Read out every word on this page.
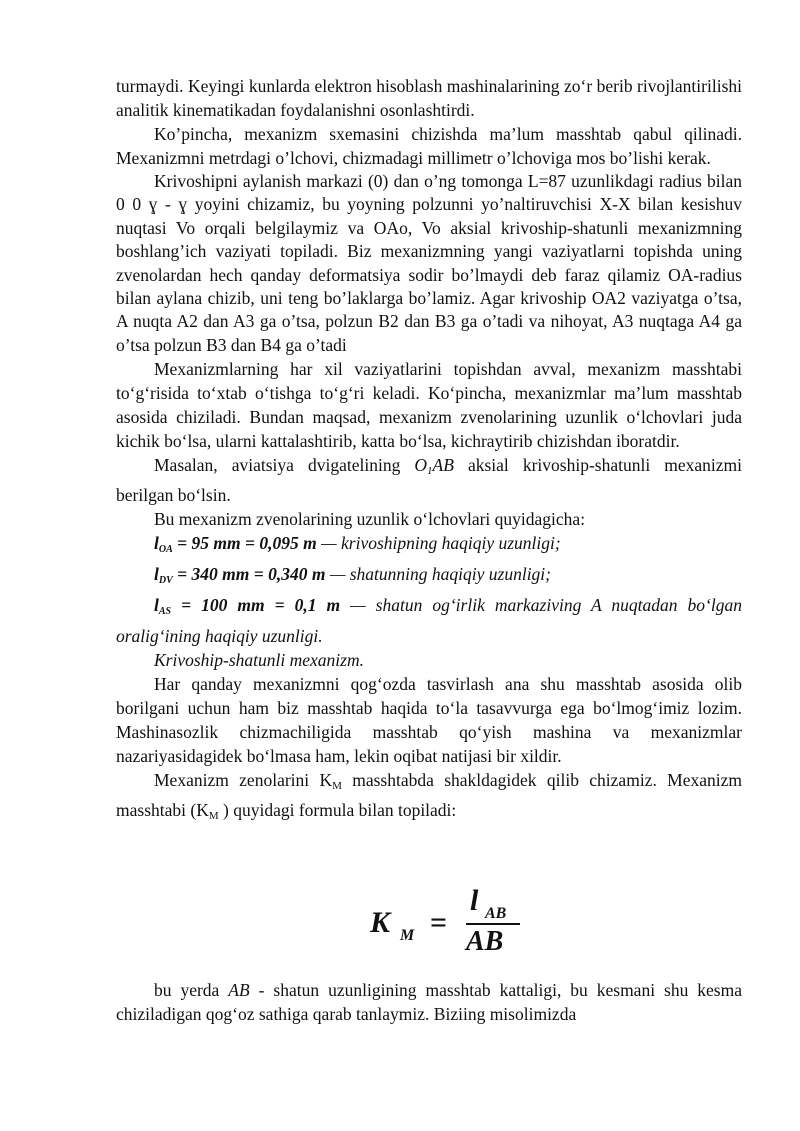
turmaydi. Keyingi kunlarda elektron hisoblash mashinalarining zo‘r berib rivojlantirilishi analitik kinematikadan foydalanishni osonlashtirdi.

Ko’pincha, mexanizm sxemasini chizishda ma’lum masshtab qabul qilinadi. Mexanizmni metrdagi o’lchovi, chizmadagi millimetr o’lchoviga mos bo’lishi kerak.

Krivoshipni aylanish markazi (0) dan o’ng tomonga L=87 uzunlikdagi radius bilan 0 0 ɣ - ɣ yoyini chizamiz, bu yoyning polzunni yo’naltiruvchisi X-X bilan kesishuv nuqtasi Vo orqali belgilaymiz va OAo, Vo aksial krivoship-shatunli mexanizmning boshlang’ich vaziyati topiladi. Biz mexanizmning yangi vaziyatlarni topishda uning zvenolardan hech qanday deformatsiya sodir bo’lmaydi deb faraz qilamiz OA-radius bilan aylana chizib, uni teng bo’laklarga bo’lamiz. Agar krivoship OA2 vaziyatga o’tsa, A nuqta A2 dan A3 ga o’tsa, polzun B2 dan B3 ga o’tadi va nihoyat, A3 nuqtaga A4 ga o’tsa polzun B3 dan B4 ga o’tadi

Mexanizmlarning har xil vaziyatlarini topishdan avval, mexanizm masshtabi to‘g‘risida to‘xtab o‘tishga to‘g‘ri keladi. Ko‘pincha, mexanizmlar ma’lum masshtab asosida chiziladi. Bundan maqsad, mexanizm zvenolarining uzunlik o‘lchovlari juda kichik bo‘lsa, ularni kattalashtirib, katta bo‘lsa, kichraytirib chizishdan iboratdir.

Masalan, aviatsiya dvigatelining $O_1AB$ aksial krivoship-shatunli mexanizmi berilgan bo‘lsin.

Bu mexanizm zvenolarining uzunlik o‘lchovlari quyidagicha:

lOA = 95 mm = 0,095 m — krivoshipning haqiqiy uzunligi;

lDV = 340 mm = 0,340 m — shatunning haqiqiy uzunligi;

lAS = 100 mm = 0,1 m — shatun og‘irlik markaziving A nuqtadan bo‘lgan oralig‘ining haqiqiy uzunligi.

Krivoship-shatunli mexanizm.

Har qanday mexanizmni qog‘ozda tasvirlash ana shu masshtab asosida olib borilgani uchun ham biz masshtab haqida to‘la tasavvurga ega bo‘lmog‘imiz lozim. Mashinasozlik chizmachiligida masshtab qo‘yish mashina va mexanizmlar nazariyasidagidek bo‘lmasa ham, lekin oqibat natijasi bir xildir.

Mexanizm zenolarini $K_M$ masshtabda shakldagidek qilib chizamiz. Mexanizm masshtabi ($K_M$ ) quyidagi formula bilan topiladi:

K M =
l AB
AB

bu yerda AB - shatun uzunligining masshtab kattaligi, bu kesmani shu kesma chiziladigan qog‘oz sathiga qarab tanlaymiz. Biziing misolimizda
